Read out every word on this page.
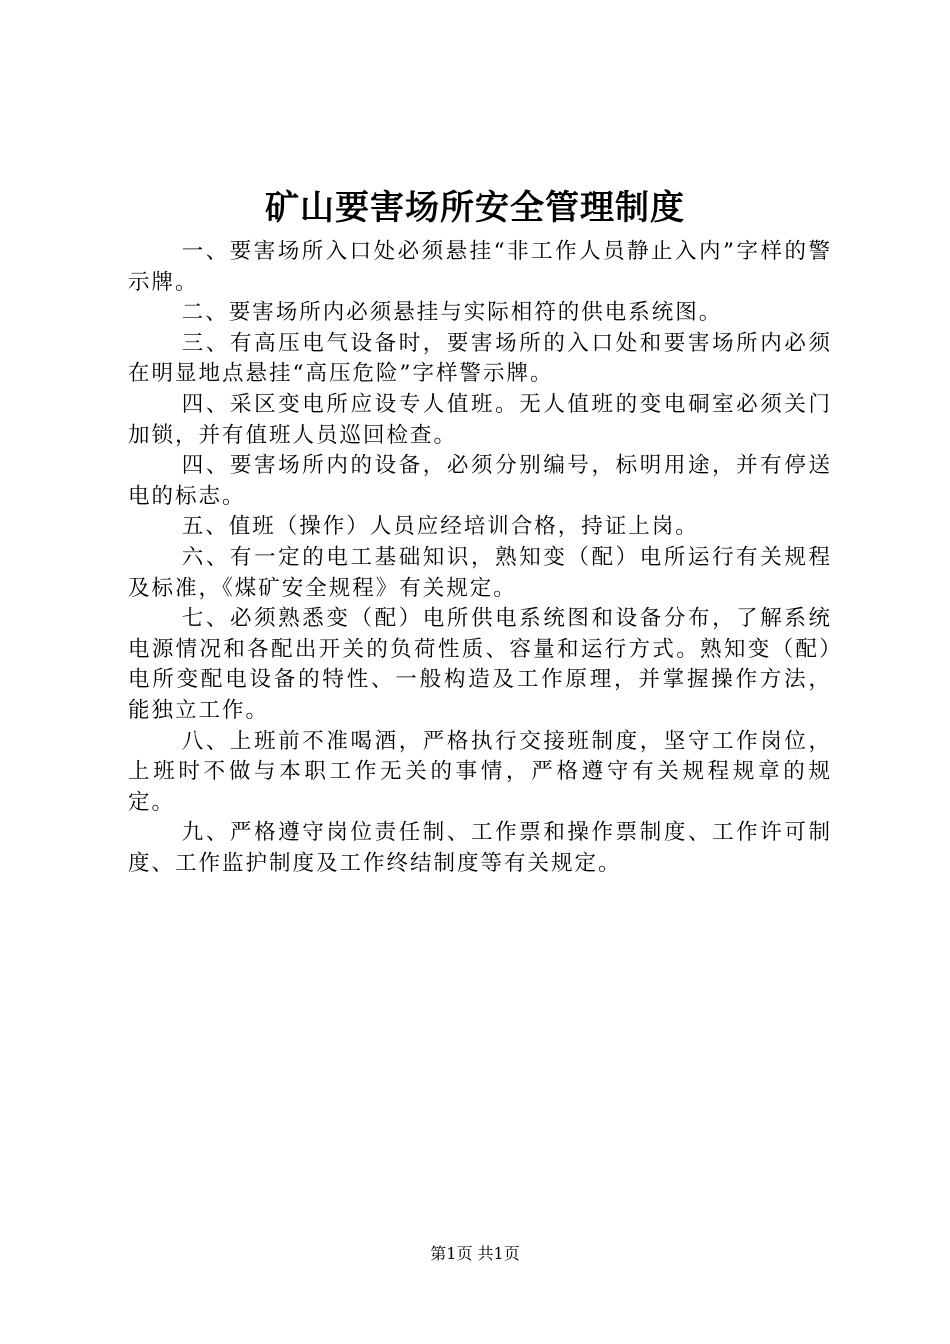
矿山要害场所安全管理制度

一、要害场所入口处必须悬挂“非工作人员静止入内”字样的警示牌。

二、要害场所内必须悬挂与实际相符的供电系统图。

三、有高压电气设备时，要害场所的入口处和要害场所内必须在明显地点悬挂“高压危险”字样警示牌。

四、采区变电所应设专人值班。无人值班的变电硐室必须关门加锁，并有值班人员巡回检查。

四、要害场所内的设备，必须分别编号，标明用途，并有停送电的标志。

五、值班（操作）人员应经培训合格，持证上岗。

六、有一定的电工基础知识，熟知变（配）电所运行有关规程及标准，《煤矿安全规程》有关规定。

七、必须熟悉变（配）电所供电系统图和设备分布，了解系统电源情况和各配出开关的负荷性质、容量和运行方式。熟知变（配）电所变配电设备的特性、一般构造及工作原理，并掌握操作方法，能独立工作。

八、上班前不准喝酒，严格执行交接班制度，坚守工作岗位，上班时不做与本职工作无关的事情，严格遵守有关规程规章的规定。

九、严格遵守岗位责任制、工作票和操作票制度、工作许可制度、工作监护制度及工作终结制度等有关规定。

第1页 共1页
